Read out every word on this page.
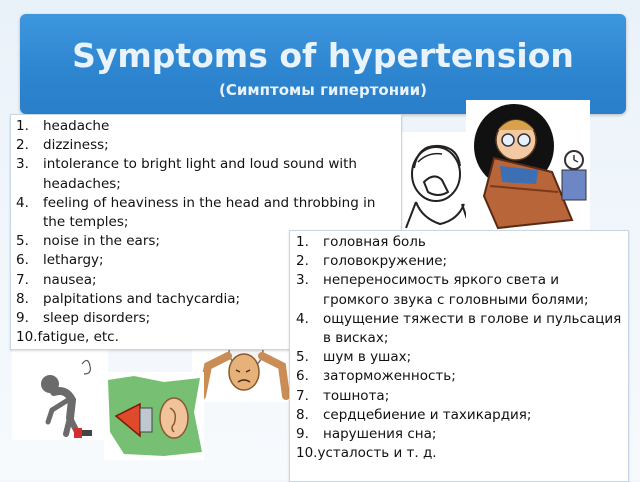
Symptoms of hypertension
(Симптомы гипертонии)
1. headache
2. dizziness;
3. intolerance to bright light and loud sound with headaches;
4. feeling of heaviness in the head and throbbing in the temples;
5. noise in the ears;
6. lethargy;
7. nausea;
8. palpitations and tachycardia;
9. sleep disorders;
10.fatigue, etc.
1. головная боль
2. головокружение;
3. непереносимость яркого света и громкого звука с головными болями;
4. ощущение тяжести в голове и пульсация в висках;
5. шум в ушах;
6. заторможенность;
7. тошнота;
8. сердцебиение и тахикардия;
9. нарушения сна;
10.усталость и т. д.
